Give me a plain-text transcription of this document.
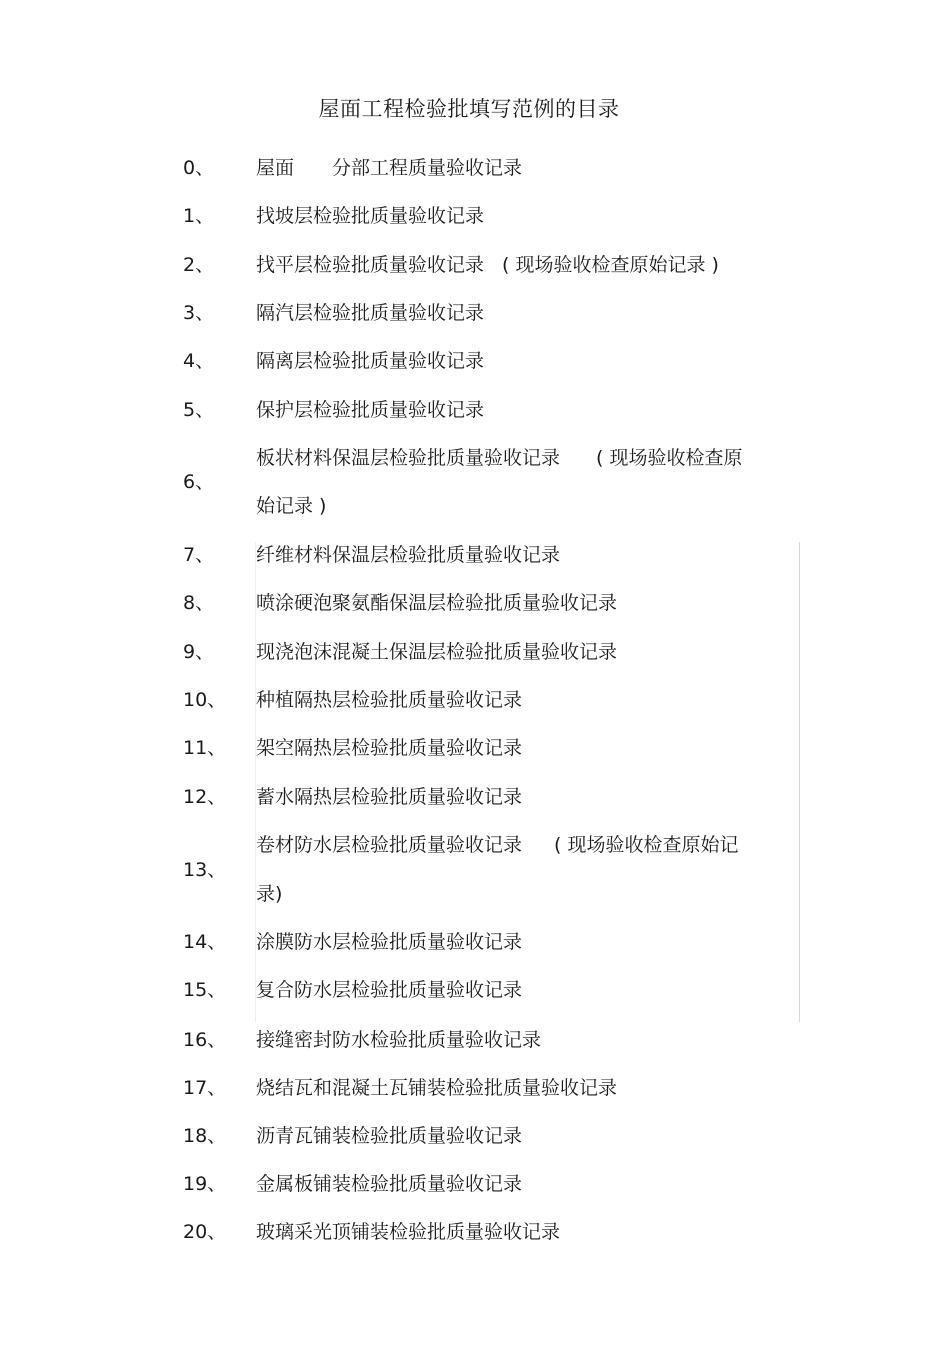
屋面工程检验批填写范例的目录
0、 屋面 分部工程质量验收记录
1、 找坡层检验批质量验收记录
2、 找平层检验批质量验收记录 ( 现场验收检查原始记录 )
3、 隔汽层检验批质量验收记录
4、 隔离层检验批质量验收记录
5、 保护层检验批质量验收记录
6、
板状材料保温层检验批质量验收记录 ( 现场验收检查原
始记录 )
7、 纤维材料保温层检验批质量验收记录
8、 喷涂硬泡聚氨酯保温层检验批质量验收记录
9、 现浇泡沫混凝土保温层检验批质量验收记录
10、 种植隔热层检验批质量验收记录
11、 架空隔热层检验批质量验收记录
12、 蓄水隔热层检验批质量验收记录
13、
卷材防水层检验批质量验收记录 ( 现场验收检查原始记
录)
14、 涂膜防水层检验批质量验收记录
15、 复合防水层检验批质量验收记录
16、 接缝密封防水检验批质量验收记录
17、 烧结瓦和混凝土瓦铺装检验批质量验收记录
18、 沥青瓦铺装检验批质量验收记录
19、 金属板铺装检验批质量验收记录
20、 玻璃采光顶铺装检验批质量验收记录
